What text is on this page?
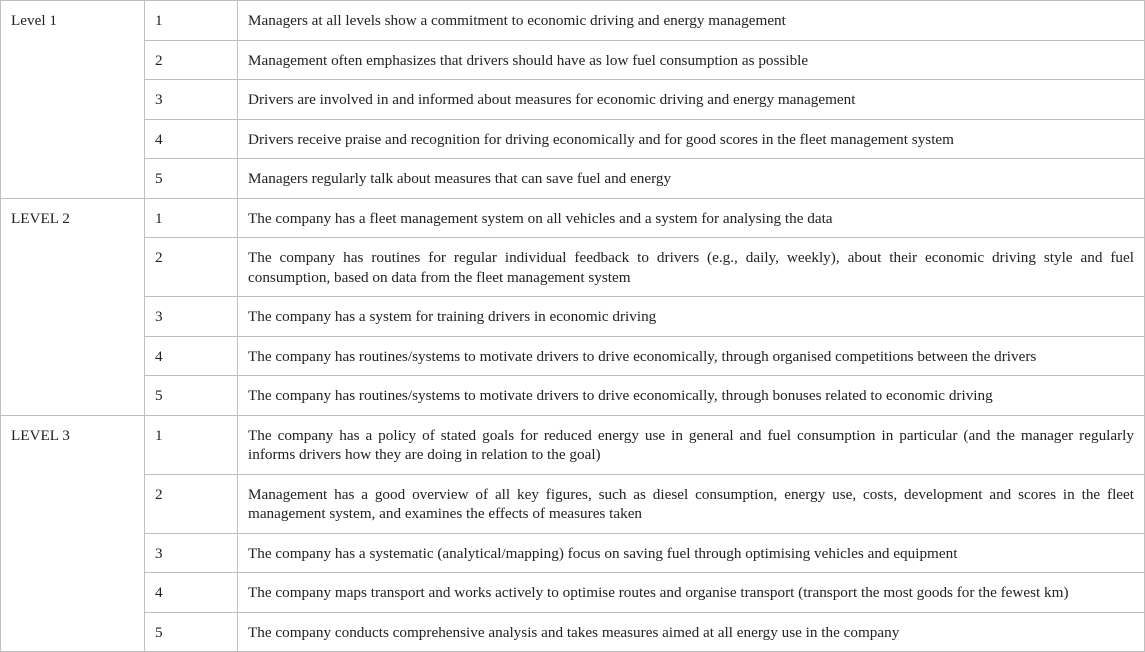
Level 1	1	Managers at all levels show a commitment to economic driving and energy management
	2	Management often emphasizes that drivers should have as low fuel consumption as possible
	3	Drivers are involved in and informed about measures for economic driving and energy management
	4	Drivers receive praise and recognition for driving economically and for good scores in the fleet management system
	5	Managers regularly talk about measures that can save fuel and energy
LEVEL 2	1	The company has a fleet management system on all vehicles and a system for analysing the data
	2	The company has routines for regular individual feedback to drivers (e.g., daily, weekly), about their economic driving style and fuel consumption, based on data from the fleet management system
	3	The company has a system for training drivers in economic driving
	4	The company has routines/systems to motivate drivers to drive economically, through organised competitions between the drivers
	5	The company has routines/systems to motivate drivers to drive economically, through bonuses related to economic driving
LEVEL 3	1	The company has a policy of stated goals for reduced energy use in general and fuel consumption in particular (and the manager regularly informs drivers how they are doing in relation to the goal)
	2	Management has a good overview of all key figures, such as diesel consumption, energy use, costs, development and scores in the fleet management system, and examines the effects of measures taken
	3	The company has a systematic (analytical/mapping) focus on saving fuel through optimising vehicles and equipment
	4	The company maps transport and works actively to optimise routes and organise transport (transport the most goods for the fewest km)
	5	The company conducts comprehensive analysis and takes measures aimed at all energy use in the company
